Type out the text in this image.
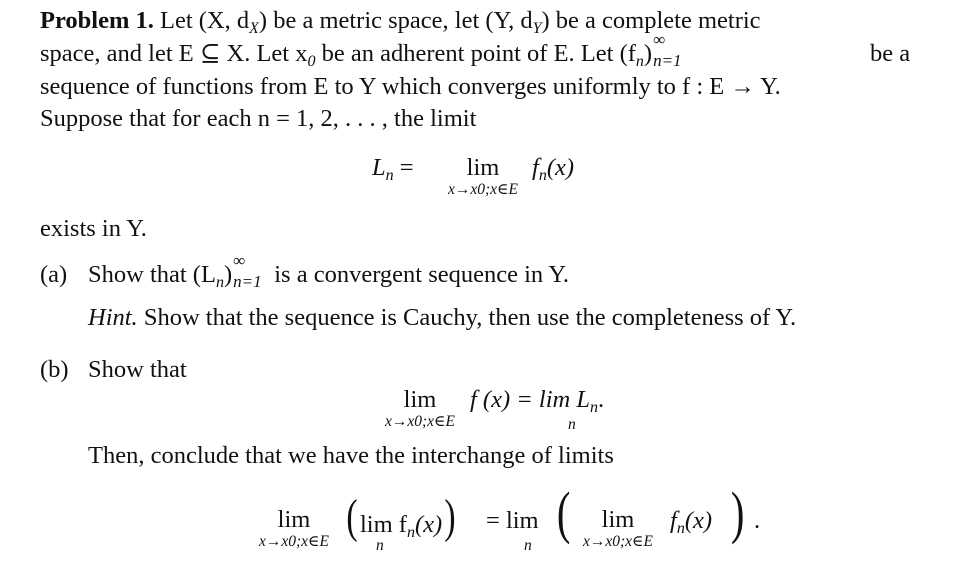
Problem 1. Let (X, $d_X$) be a metric space, let (Y, $d_Y$) be a complete metric
space, and let E ⊆ X. Let $x_0$ be an adherent point of E. Let $(f_n)$
∞
n=1	be a
sequence of functions from E to Y which converges uniformly to f : E → Y.
Suppose that for each n = 1, 2, . . . , the limit
$L_n$ =	lim
x→x0;x∈E
$f_n(x)$
exists in Y.
(a) Show that $(L_n)$
∞
n=1 is a convergent sequence in Y.
Hint. Show that the sequence is Cauchy, then use the completeness of Y.
(b) Show that
lim
x→x0;x∈E
f $(x) = \lim L_n$.
n
Then, conclude that we have the interchange of limits
lim
x→x0;x∈E (lim $f_n(x)$)
n
= lim
n
(	lim
x→x0;x∈E
$f_n(x)$ ) .
